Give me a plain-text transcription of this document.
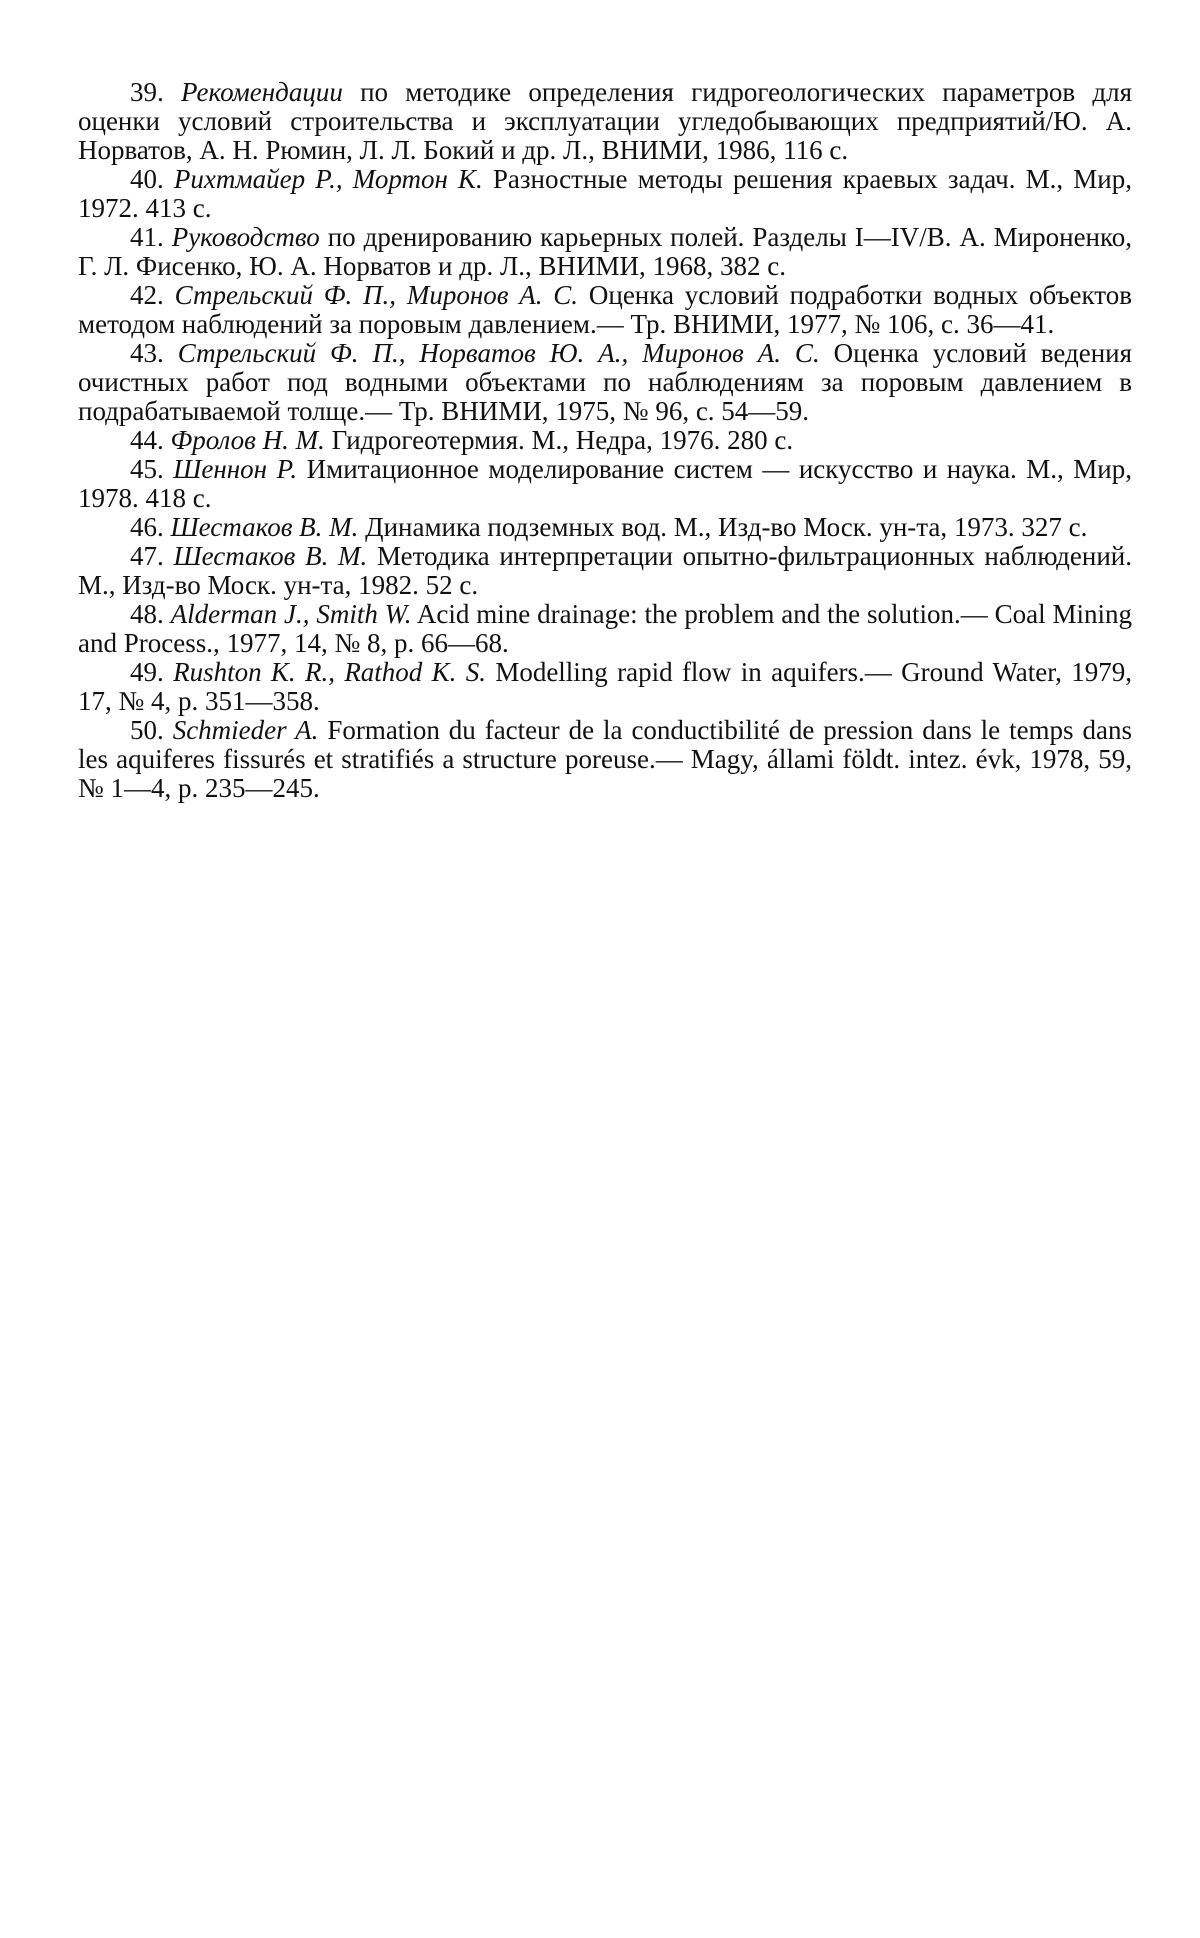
39. Рекомендации по методике определения гидрогеологических параметров для оценки условий строительства и эксплуатации угледобывающих предприятий/Ю. А. Норватов, А. Н. Рюмин, Л. Л. Бокий и др. Л., ВНИМИ, 1986, 116 с.

40. Рихтмайер Р., Мортон К. Разностные методы решения краевых задач. М., Мир, 1972. 413 с.

41. Руководство по дренированию карьерных полей. Разделы I—IV/В. А. Мироненко, Г. Л. Фисенко, Ю. А. Норватов и др. Л., ВНИМИ, 1968, 382 с.

42. Стрельский Ф. П., Миронов А. С. Оценка условий подработки водных объектов методом наблюдений за поровым давлением.— Тр. ВНИМИ, 1977, № 106, с. 36—41.

43. Стрельский Ф. П., Норватов Ю. А., Миронов А. С. Оценка условий ведения очистных работ под водными объектами по наблюдениям за поровым давлением в подрабатываемой толще.— Тр. ВНИМИ, 1975, № 96, с. 54—59.

44. Фролов Н. М. Гидрогеотермия. М., Недра, 1976. 280 с.

45. Шеннон Р. Имитационное моделирование систем — искусство и наука. М., Мир, 1978. 418 с.

46. Шестаков В. М. Динамика подземных вод. М., Изд-во Моск. ун-та, 1973. 327 с.

47. Шестаков В. М. Методика интерпретации опытно-фильтрационных наблюдений. М., Изд-во Моск. ун-та, 1982. 52 с.

48. Alderman J., Smith W. Acid mine drainage: the problem and the solution.— Coal Mining and Process., 1977, 14, № 8, p. 66—68.

49. Rushton K. R., Rathod K. S. Modelling rapid flow in aquifers.— Ground Water, 1979, 17, № 4, p. 351—358.

50. Schmieder A. Formation du facteur de la conductibilité de pression dans le temps dans les aquiferes fissurés et stratifiés a structure poreuse.— Magy, állami földt. intez. évk, 1978, 59, № 1—4, p. 235—245.
